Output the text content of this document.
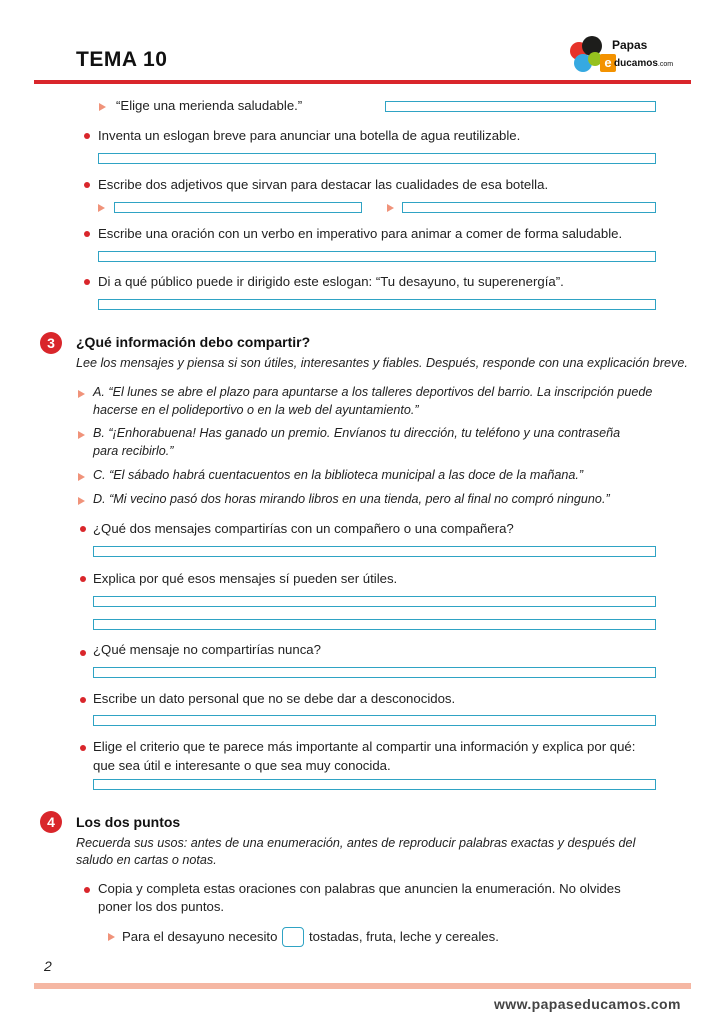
TEMA 10
Papas
e ducamos.com
“Elige una merienda saludable.”
Inventa un eslogan breve para anunciar una botella de agua reutilizable.
Escribe dos adjetivos que sirvan para destacar las cualidades de esa botella.
Escribe una oración con un verbo en imperativo para animar a comer de forma saludable.
Di a qué público puede ir dirigido este eslogan: “Tu desayuno, tu superenergía”.
3	¿Qué información debo compartir?
Lee los mensajes y piensa si son útiles, interesantes y fiables. Después, responde con una explicación breve.
A. “El lunes se abre el plazo para apuntarse a los talleres deportivos del barrio. La inscripción puede
hacerse en el polideportivo o en la web del ayuntamiento.”
B. “¡Enhorabuena! Has ganado un premio. Envíanos tu dirección, tu teléfono y una contraseña
para recibirlo.”
C. “El sábado habrá cuentacuentos en la biblioteca municipal a las doce de la mañana.”
D. “Mi vecino pasó dos horas mirando libros en una tienda, pero al final no compró ninguno.”
¿Qué dos mensajes compartirías con un compañero o una compañera?
Explica por qué esos mensajes sí pueden ser útiles.
¿Qué mensaje no compartirías nunca?
Escribe un dato personal que no se debe dar a desconocidos.
Elige el criterio que te parece más importante al compartir una información y explica por qué:
que sea útil e interesante o que sea muy conocida.
4	Los dos puntos
Recuerda sus usos: antes de una enumeración, antes de reproducir palabras exactas y después del
saludo en cartas o notas.
Copia y completa estas oraciones con palabras que anuncien la enumeración. No olvides
poner los dos puntos.
Para el desayuno necesito tostadas, fruta, leche y cereales.
2
www.papaseducamos.com
